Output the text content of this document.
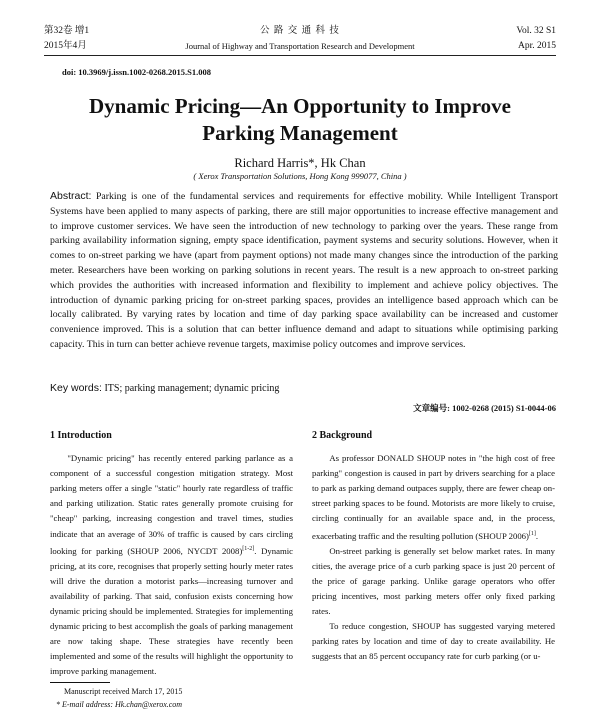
第32卷 增1
2015年4月
公 路 交 通 科 技
Journal of Highway and Transportation Research and Development
Vol. 32 S1
Apr. 2015
doi: 10.3969/j.issn.1002-0268.2015.S1.008
Dynamic Pricing—An Opportunity to Improve
Parking Management
Richard Harris*, Hk Chan
( Xerox Transportation Solutions, Hong Kong 999077, China )
Abstract: Parking is one of the fundamental services and requirements for effective mobility. While Intelligent Transport Systems have been applied to many aspects of parking, there are still major opportunities to increase effective management and to improve customer services. We have seen the introduction of new technology to parking over the years. These range from parking availability information signing, empty space identification, payment systems and security solutions. However, when it comes to on-street parking we have (apart from payment options) not made many changes since the introduction of the parking meter. Researchers have been working on parking solutions in recent years. The result is a new approach to on-street parking which provides the authorities with increased information and flexibility to implement and achieve policy objectives. The introduction of dynamic parking pricing for on-street parking spaces, provides an intelligence based approach which can be locally calibrated. By varying rates by location and time of day parking space availability can be increased and customer convenience improved. This is a solution that can better influence demand and adapt to situations while optimising parking capacity. This in turn can better achieve revenue targets, maximise policy outcomes and improve services.
Key words: ITS; parking management; dynamic pricing
文章编号: 1002-0268 (2015) S1-0044-06
1 Introduction

"Dynamic pricing" has recently entered parking parlance as a component of a successful congestion mitigation strategy. Most parking meters offer a single "static" hourly rate regardless of traffic and parking utilization. Static rates generally promote cruising for "cheap" parking, increasing congestion and travel times, studies indicate that an average of 30% of traffic is caused by cars circling looking for parking (SHOUP 2006, NYCDT 2008)[1-2]. Dynamic pricing, at its core, recognises that properly setting hourly meter rates will drive the duration a motorist parks—increasing turnover and availability of parking. That said, confusion exists concerning how dynamic pricing should be implemented. Strategies for implementing dynamic pricing to best accomplish the goals of parking management are now taking shape. These strategies have recently been implemented and some of the results will highlight the opportunity to improve parking management.

Manuscript received March 17, 2015
* E-mail address: Hk.chan@xerox.com
2 Background

As professor DONALD SHOUP notes in "the high cost of free parking" congestion is caused in part by drivers searching for a place to park as parking demand outpaces supply, there are fewer cheap on-street parking spaces to be found. Motorists are more likely to cruise, circling continually for an available space and, in the process, exacerbating traffic and the resulting pollution (SHOUP 2006)[1].

On-street parking is generally set below market rates. In many cities, the average price of a curb parking space is just 20 percent of the price of garage parking. Unlike garage operators who offer pricing incentives, most parking meters offer only fixed parking rates.

To reduce congestion, SHOUP has suggested varying metered parking rates by location and time of day to create availability. He suggests that an 85 percent occupancy rate for curb parking (or u-
